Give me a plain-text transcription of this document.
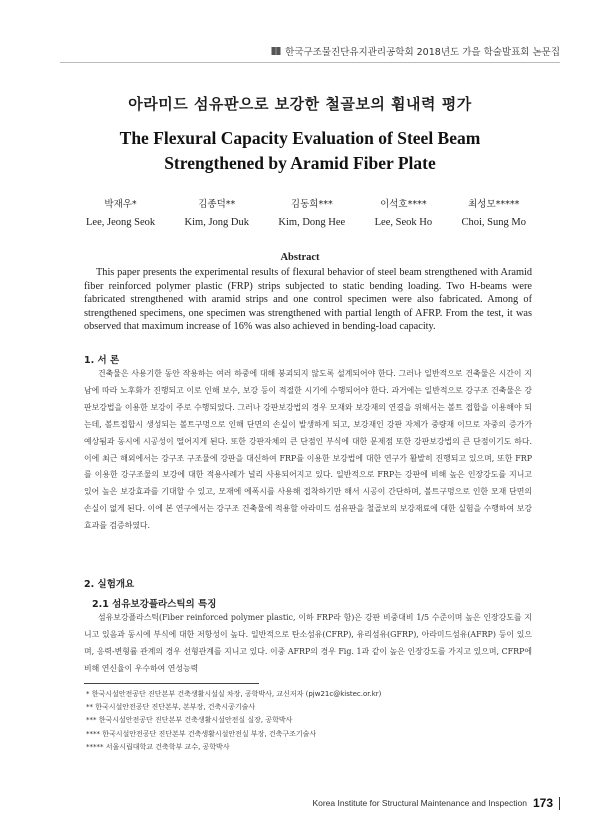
한국구조물진단유지관리공학회 2018년도 가을 학술발표회 논문집
아라미드 섬유판으로 보강한 철골보의 휨내력 평가
The Flexural Capacity Evaluation of Steel Beam
Strengthened by Aramid Fiber Plate
박재우*
Lee, Jeong Seok
김종덕**
Kim, Jong Duk
김동희***
Kim, Dong Hee
이석호****
Lee, Seok Ho
최성모*****
Choi, Sung Mo
Abstract
This paper presents the experimental results of flexural behavior of steel beam strengthened with Aramid fiber reinforced polymer plastic (FRP) strips subjected to static bending loading. Two H-beams were fabricated strengthened with aramid strips and one control specimen were also fabricated. Among of strengthened specimens, one specimen was strengthened with partial length of AFRP. From the test, it was observed that maximum increase of 16% was also achieved in bending-load capacity.
1. 서 론
건축물은 사용기한 동안 작용하는 여러 하중에 대해 붕괴되지 않도록 설계되어야 한다. 그러나 일반적으로 건축물은 시간이 지남에 따라 노후화가 진행되고 이로 인해 보수, 보강 등이 적절한 시기에 수행되어야 한다. 과거에는 일반적으로 강구조 건축물은 강판보강법을 이용한 보강이 주로 수행되었다. 그러나 강판보강법의 경우 모재와 보강재의 연결을 위해서는 볼트 접합을 이용해야 되는데, 볼트접합시 생성되는 볼트구멍으로 인해 단면의 손실이 발생하게 되고, 보강재인 강판 자체가 중량재 이므로 자중의 증가가 예상됨과 동시에 시공성이 떨어지게 된다. 또한 강판자체의 큰 단점인 부식에 대한 문제점 또한 강판보강법의 큰 단점이기도 하다. 이에 최근 해외에서는 강구조 구조물에 강판을 대신하여 FRP를 이용한 보강법에 대한 연구가 활발히 진행되고 있으며, 또한 FRP를 이용한 강구조물의 보강에 대한 적용사례가 널리 사용되어지고 있다. 일반적으로 FRP는 강판에 비해 높은 인장강도를 지니고 있어 높은 보강효과를 기대할 수 있고, 모재에 에폭시를 사용해 접착하기만 해서 시공이 간단하며, 볼트구멍으로 인한 모재 단면의 손실이 없게 된다. 이에 본 연구에서는 강구조 건축물에 적용할 아라미드 섬유판을 철골보의 보강재료에 대한 실험을 수행하여 보강효과를 검증하였다.
2. 실험개요
2.1 섬유보강플라스틱의 특징
섬유보강플라스틱(Fiber reinforced polymer plastic, 이하 FRP라 함)은 강판 비중대비 1/5 수준이며 높은 인장강도를 지니고 있음과 동시에 부식에 대한 저항성이 높다. 일반적으로 탄소섬유(CFRP), 유리섬유(GFRP), 아라미드섬유(AFRP) 등이 있으며, 응력-변형률 관계의 경우 선형관계를 지니고 있다. 이중 AFRP의 경우 Fig. 1과 같이 높은 인장강도를 가지고 있으며, CFRP에 비해 연신율이 우수하여 연성능력
* 한국시설안전공단 진단본부 건축생활시설실 차장, 공학박사, 교신저자 (pjw21c@kistec.or.kr)
** 한국시설안전공단 진단본부, 본부장, 건축시공기술사
*** 한국시설안전공단 진단본부 건축생활시설안전실 실장, 공학박사
**** 한국시설안전공단 진단본부 건축생활시설안전실 부장, 건축구조기술사
***** 서울시립대학교 건축학부 교수, 공학박사
Korea Institute for Structural Maintenance and Inspection 173
